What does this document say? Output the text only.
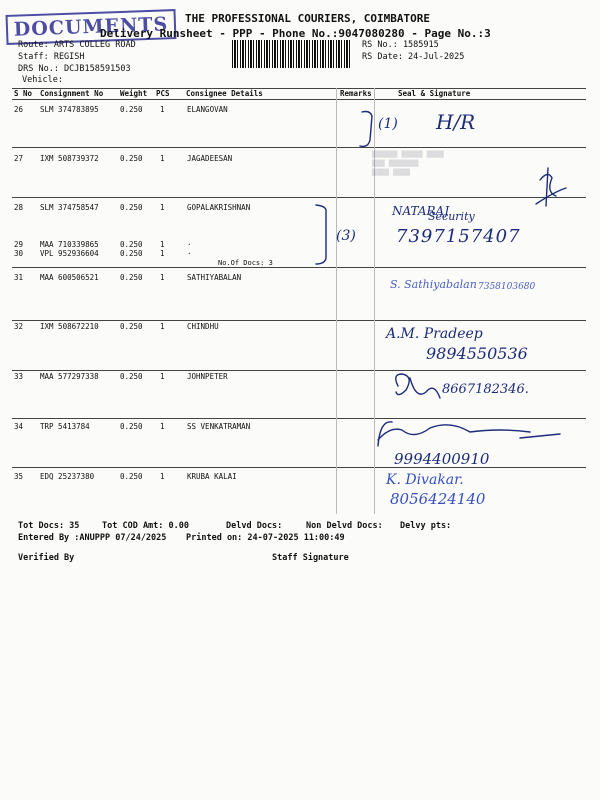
DOCUMENTS	THE PROFESSIONAL COURIERS, COIMBATORE
Delivery Runsheet - PPP - Phone No.:9047080280 - Page No.:3
Route: ARTS COLLEG ROAD
Staff: REGISH
DRS No.: DCJB158591503
Vehicle:
RS No.: 1585915
RS Date: 24-Jul-2025
S No Consignment No Weight PCS Consignee Details	Remarks	Seal & Signature
26 SLM 374783895	0.250 1	ELANGOVAN
27 IXM 508739372	0.250 1	JAGADEESAN
28 SLM 374758547	0.250 1	GOPALAKRISHNAN
29 MAA 710339865	0.250 1	.
30 VPL 952936604	0.250 1	.
No.Of Docs: 3
31 MAA 600506521	0.250 1	SATHIYABALAN
32 IXM 508672210	0.250 1	CHINDHU
33 MAA 577297338	0.250 1	JOHNPETER
34 TRP 5413784	0.250 1	SS VENKATRAMAN
35 EDQ 25237380	0.250 1	KRUBA KALAI
▇▇▇▇▇▇ ▇▇▇▇▇ ▇▇▇▇
▇▇▇ ▇▇▇▇▇▇▇
▇▇▇▇ ▇▇▇▇
(1) H/R
(3)
NATARAJ
Security
7397157407
S. Sathiyabalan 7358103680
A.M. Pradeep
9894550536
8667182346.
9994400910
K. Divakar.
8056424140
Tot Docs: 35	Tot COD Amt: 0.00	Delvd Docs:	Non Delvd Docs: Delvy pts:
Entered By :ANUPPP 07/24/2025 Printed on: 24-07-2025 11:00:49
Verified By	Staff Signature
